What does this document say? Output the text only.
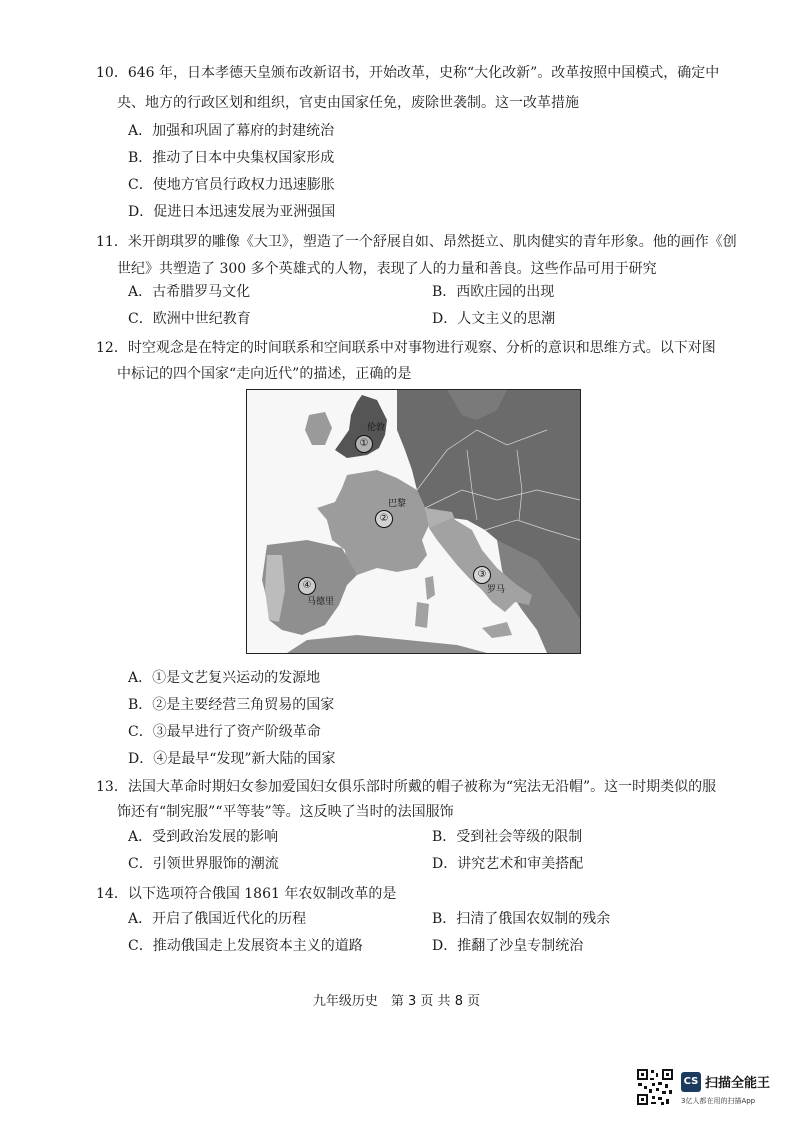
10．646 年，日本孝德天皇颁布改新诏书，开始改革，史称“大化改新”。改革按照中国模式，确定中
央、地方的行政区划和组织，官吏由国家任免，废除世袭制。这一改革措施
A．加强和巩固了幕府的封建统治
B．推动了日本中央集权国家形成
C．使地方官员行政权力迅速膨胀
D．促进日本迅速发展为亚洲强国
11．米开朗琪罗的雕像《大卫》，塑造了一个舒展自如、昂然挺立、肌肉健实的青年形象。他的画作《创
世纪》共塑造了 300 多个英雄式的人物，表现了人的力量和善良。这些作品可用于研究
A．古希腊罗马文化	B．西欧庄园的出现
C．欧洲中世纪教育	D．人文主义的思潮
12．时空观念是在特定的时间联系和空间联系中对事物进行观察、分析的意识和思维方式。以下对图
中标记的四个国家“走向近代”的描述，正确的是
伦敦
①
巴黎
②
③
罗马
④
马德里
A．①是文艺复兴运动的发源地
B．②是主要经营三角贸易的国家
C．③最早进行了资产阶级革命
D．④是最早“发现”新大陆的国家
13．法国大革命时期妇女参加爱国妇女俱乐部时所戴的帽子被称为“宪法无沿帽”。这一时期类似的服
饰还有“制宪服”“平等装”等。这反映了当时的法国服饰
A．受到政治发展的影响	B．受到社会等级的限制
C．引领世界服饰的潮流	D．讲究艺术和审美搭配
14．以下选项符合俄国 1861 年农奴制改革的是
A．开启了俄国近代化的历程	B．扫清了俄国农奴制的残余
C．推动俄国走上发展资本主义的道路	D．推翻了沙皇专制统治
九年级历史　第 3 页 共 8 页
CS 扫描全能王
3亿人都在用的扫描App
